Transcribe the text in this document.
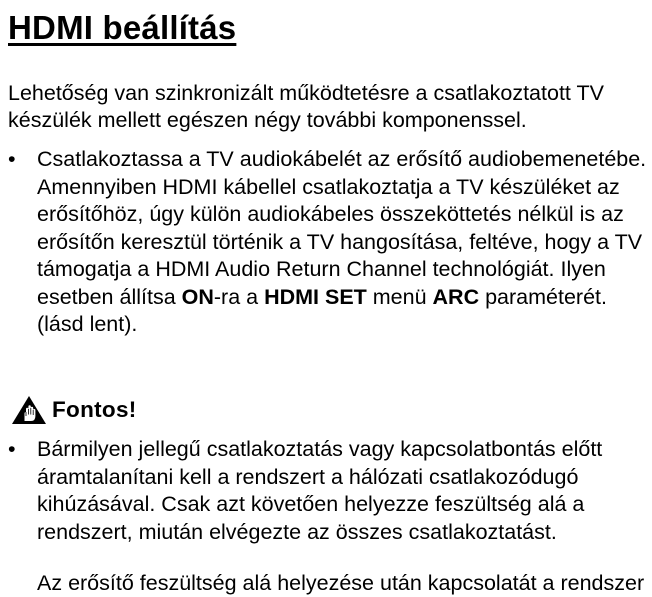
HDMI beállítás

Lehetőség van szinkronizált működtetésre a csatlakoztatott TV készülék mellett egészen négy további komponenssel.

• Csatlakoztassa a TV audiokábelét az erősítő audiobemenetébe. Amennyiben HDMI kábellel csatlakoztatja a TV készüléket az erősítőhöz, úgy külön audiokábeles összeköttetés nélkül is az erősítőn keresztül történik a TV hangosítása, feltéve, hogy a TV támogatja a HDMI Audio Return Channel technológiát. Ilyen esetben állítsa ON-ra a HDMI SET menü ARC paraméterét. (lásd lent).
Fontos!
• Bármilyen jellegű csatlakoztatás vagy kapcsolatbontás előtt áramtalanítani kell a rendszert a hálózati csatlakozódugó kihúzásával. Csak azt követően helyezze feszültség alá a rendszert, miután elvégezte az összes csatlakoztatást.
Az erősítő feszültség alá helyezése után kapcsolatát a rendszer
